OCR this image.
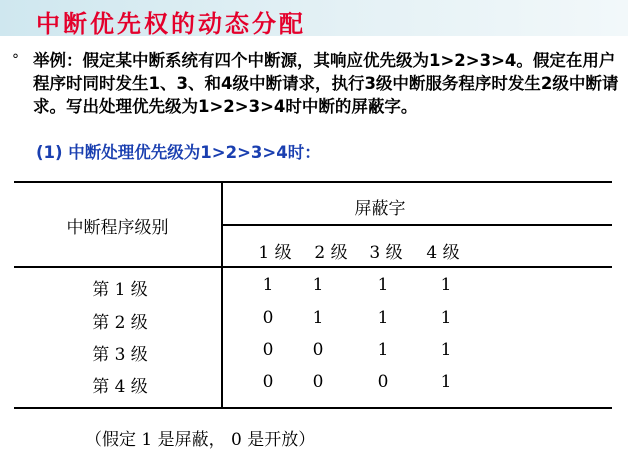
中断优先权的动态分配
° 举例：假定某中断系统有四个中断源，其响应优先级为1>2>3>4。假定在用户程序时同时发生1、3、和4级中断请求，执行3级中断服务程序时发生2级中断请求。写出处理优先级为1>2>3>4时中断的屏蔽字。
(1) 中断处理优先级为1>2>3>4时：
中断程序级别
屏蔽字
1 级	2 级	3 级	4 级
第 1 级	1	1	1	1
第 2 级	0	1	1	1
第 3 级	0	0	1	1
第 4 级	0	0	0	1
（假定 1 是屏蔽， 0 是开放）
